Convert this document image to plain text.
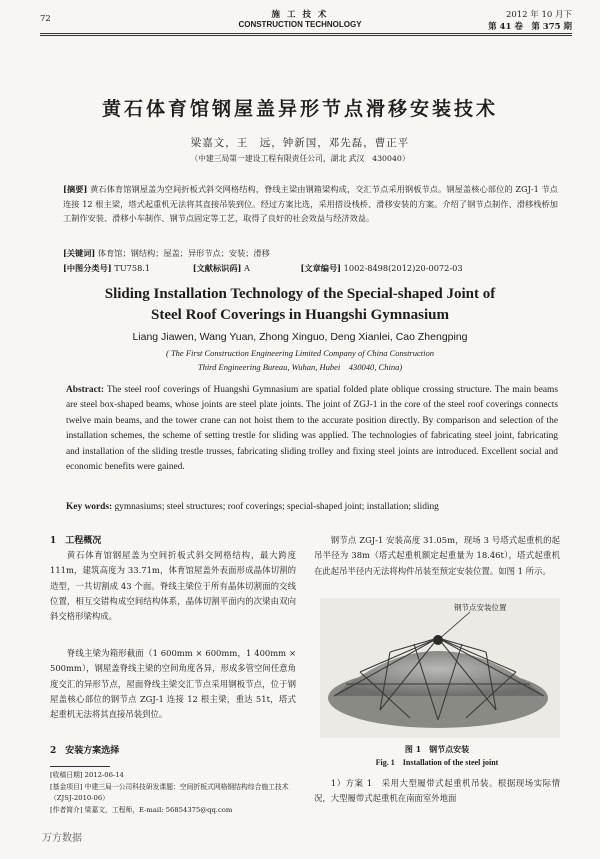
72	施 工 技 术
CONSTRUCTION TECHNOLOGY
2012 年 10 月下
第 41 卷　第 375 期
黄石体育馆钢屋盖异形节点滑移安装技术
梁嘉文，王　远，钟新国，邓先磊，曹正平
（中建三局第一建设工程有限责任公司，湖北 武汉　430040）
[摘要] 黄石体育馆钢屋盖为空间折板式斜交网格结构，脊线主梁由钢箱梁构成，交汇节点采用钢板节点。钢屋盖核心部位的 ZGJ-1 节点连接 12 根主梁，塔式起重机无法将其直接吊装到位。经过方案比选，采用搭设栈桥、滑移安装的方案。介绍了钢节点制作、滑移栈桥加工制作安装、滑移小车制作、钢节点固定等工艺，取得了良好的社会效益与经济效益。
[关键词] 体育馆；钢结构；屋盖；异形节点；安装；滑移
[中图分类号] TU758.1	[文献标识码] A	[文章编号] 1002-8498(2012)20-0072-03
Sliding Installation Technology of the Special-shaped Joint of
Steel Roof Coverings in Huangshi Gymnasium
Liang Jiawen, Wang Yuan, Zhong Xinguo, Deng Xianlei, Cao Zhengping
( The First Construction Engineering Limited Company of China Construction
Third Engineering Bureau, Wuhan, Hubei　430040, China)
Abstract: The steel roof coverings of Huangshi Gymnasium are spatial folded plate oblique crossing structure. The main beams are steel box-shaped beams, whose joints are steel plate joints. The joint of ZGJ-1 in the core of the steel roof coverings connects twelve main beams, and the tower crane can not hoist them to the accurate position directly. By comparison and selection of the installation schemes, the scheme of setting trestle for sliding was applied. The technologies of fabricating steel joint, fabricating and installation of the sliding trestle trusses, fabricating sliding trolley and fixing steel joints are introduced. Excellent social and economic benefits were gained.
Key words: gymnasiums; steel structures; roof coverings; special-shaped joint; installation; sliding
1　工程概况
黄石体育馆钢屋盖为空间折板式斜交网格结构，最大跨度 111m，建筑高度为 33.71m，体育馆屋盖外表面形成晶体切割的造型，一共切割成 43 个面。脊线主梁位于所有晶体切割面的交线位置，相互交错构成空间结构体系，晶体切割平面内的次梁由双向斜交格形梁构成。
脊线主梁为箱形截面（1 600mm × 600mm，1 400mm × 500mm），钢屋盖脊线主梁的空间角度各异，形成多管空间任意角度交汇的异形节点，屋面脊线主梁交汇节点采用钢板节点，位于钢屋盖核心部位的钢节点 ZGJ-1 连接 12 根主梁，重达 51t，塔式起重机无法将其直接吊装到位。
2　安装方案选择
[收稿日期] 2012-06-14
[基金项目] 中建三局一公司科技研发课题：空间折板式网格钢结构综合施工技术（ZJSJ-2010-06）
[作者简介] 梁嘉文，工程师，E-mail: 56854375@qq.com
钢节点 ZGJ-1 安装高度 31.05m，现场 3 号塔式起重机的起吊半径为 38m（塔式起重机额定起重量为 18.46t），塔式起重机在此起吊半径内无法将构件吊装至预定安装位置。如图 1 所示。
钢节点安装位置
图 1　钢节点安装
Fig. 1　Installation of the steel joint
1）方案 1　采用大型履带式起重机吊装。根据现场实际情况，大型履带式起重机在南面室外地面
万方数据
